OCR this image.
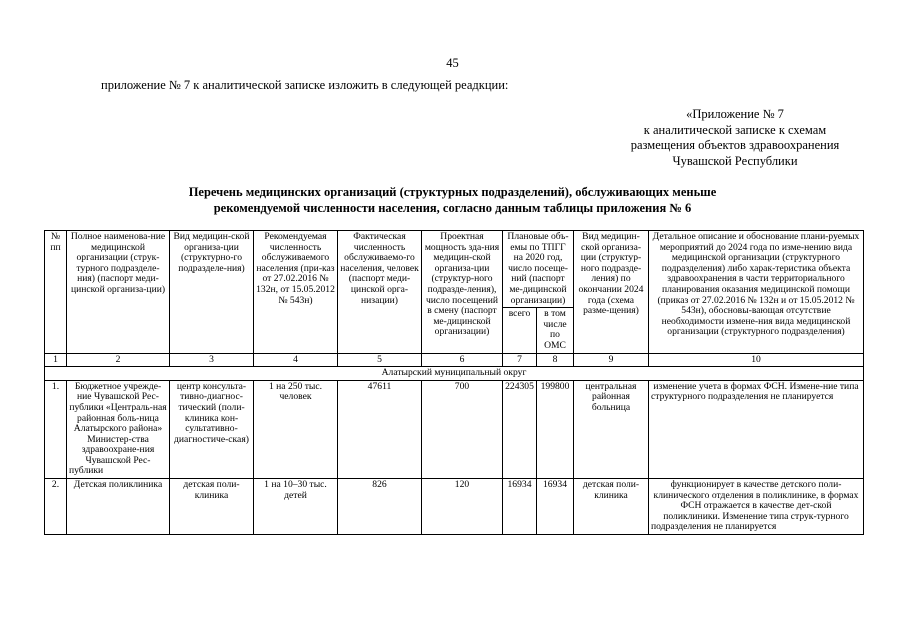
45
приложение № 7 к аналитической записке изложить в следующей реадкции:
«Приложение № 7
к аналитической записке к схемам
размещения объектов здравоохранения
Чувашской Республики
Перечень медицинских организаций (структурных подразделений), обслуживающих меньше
рекомендуемой численности населения, согласно данным таблицы приложения № 6
№ пп	Полное наименова-ние медицинской организации (струк-турного подразделе-ния) (паспорт меди-цинской организа-ции)	Вид медицин-ской организа-ции (структурно-го подразделе-ния)	Рекомендуемая численность обслуживаемого населения (при-каз от 27.02.2016 № 132н, от 15.05.2012 № 543н)	Фактическая численность обслуживаемо-го населения, человек (паспорт меди-цинской орга-низации)	Проектная мощность зда-ния медицин-ской организа-ции (структур-ного подразде-ления), число посещений в смену (паспорт ме-дицинской организации)	Плановые объ-емы по ТПГГ на 2020 год, число посеще-ний (паспорт ме-дицинской организации)		Вид медицин-ской организа-ции (структур-ного подразде-ления) по окончании 2024 года (схема разме-щения)	Детальное описание и обоснование плани-руемых мероприятий до 2024 года по изме-нению вида медицинской организации (структурного подразделения) либо харак-теристика объекта здравоохранения в части территориального планирования оказания медицинской помощи (приказ от 27.02.2016 № 132н и от 15.05.2012 № 543н), обосновы-вающая отсутствие необходимости измене-ния вида медицинской организации (структурного подразделения)
						всего	в том числе по ОМС		
1	2	3	4	5	6	7	8	9	10
Алатырский муниципальный округ									
1.	Бюджетное учрежде-ние Чувашской Рес-публики «Централь-ная районная боль-ница Алатырского района» Министер-ства здравоохране-ния Чувашской Рес-публики	центр консульта-тивно-диагнос-тический (поли-клиника кон-сультативно-диагностиче-ская)	1 на 250 тыс. человек	47611	700	224305	199800	центральная районная больница	изменение учета в формах ФСН. Измене-ние типа структурного подразделения не планируется
2.	Детская поликлиника	детская поли-клиника	1 на 10–30 тыс. детей	826	120	16934	16934	детская поли-клиника	функционирует в качестве детского поли-клинического отделения в поликлинике, в формах ФСН отражается в качестве дет-ской поликлиники. Изменение типа струк-турного подразделения не планируется
